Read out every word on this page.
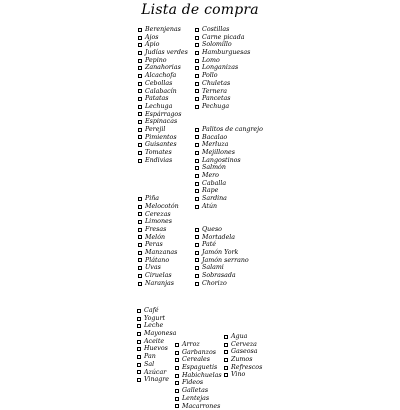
Lista de compra
Berenjenas
Ajos
Apio
Judías verdes
Pepino
Zanahorias
Alcachofa
Cebollas
Calabacín
Patatas
Lechuga
Espárragos
Espinacas
Perejil
Pimientos
Guisantes
Tomates
Endivias
Piña
Melocotón
Cerezas
Limones
Fresas
Melón
Peras
Manzanas
Plátano
Uvas
Ciruelas
Naranjas
Costillas
Carne picada
Solomillo
Hamburguesas
Lomo
Longanizas
Pollo
Chuletas
Ternera
Pancetas
Pechuga
Palitos de cangrejo
Bacalao
Merluza
Mejillones
Langostinos
Salmón
Mero
Caballa
Rape
Sardina
Atún
Queso
Mortadela
Paté
Jamón York
Jamón serrano
Salami
Sobrasada
Chorizo
Café
Yogurt
Leche
Mayonesa
Aceite
Huevos
Pan
Sal
Azúcar
Vinagre
Arroz
Garbanzos
Cereales
Espaguetis
Habichuelas
Fideos
Galletas
Lentejas
Macarrones
Agua
Cerveza
Gaseosa
Zumos
Refrescos
Vino
